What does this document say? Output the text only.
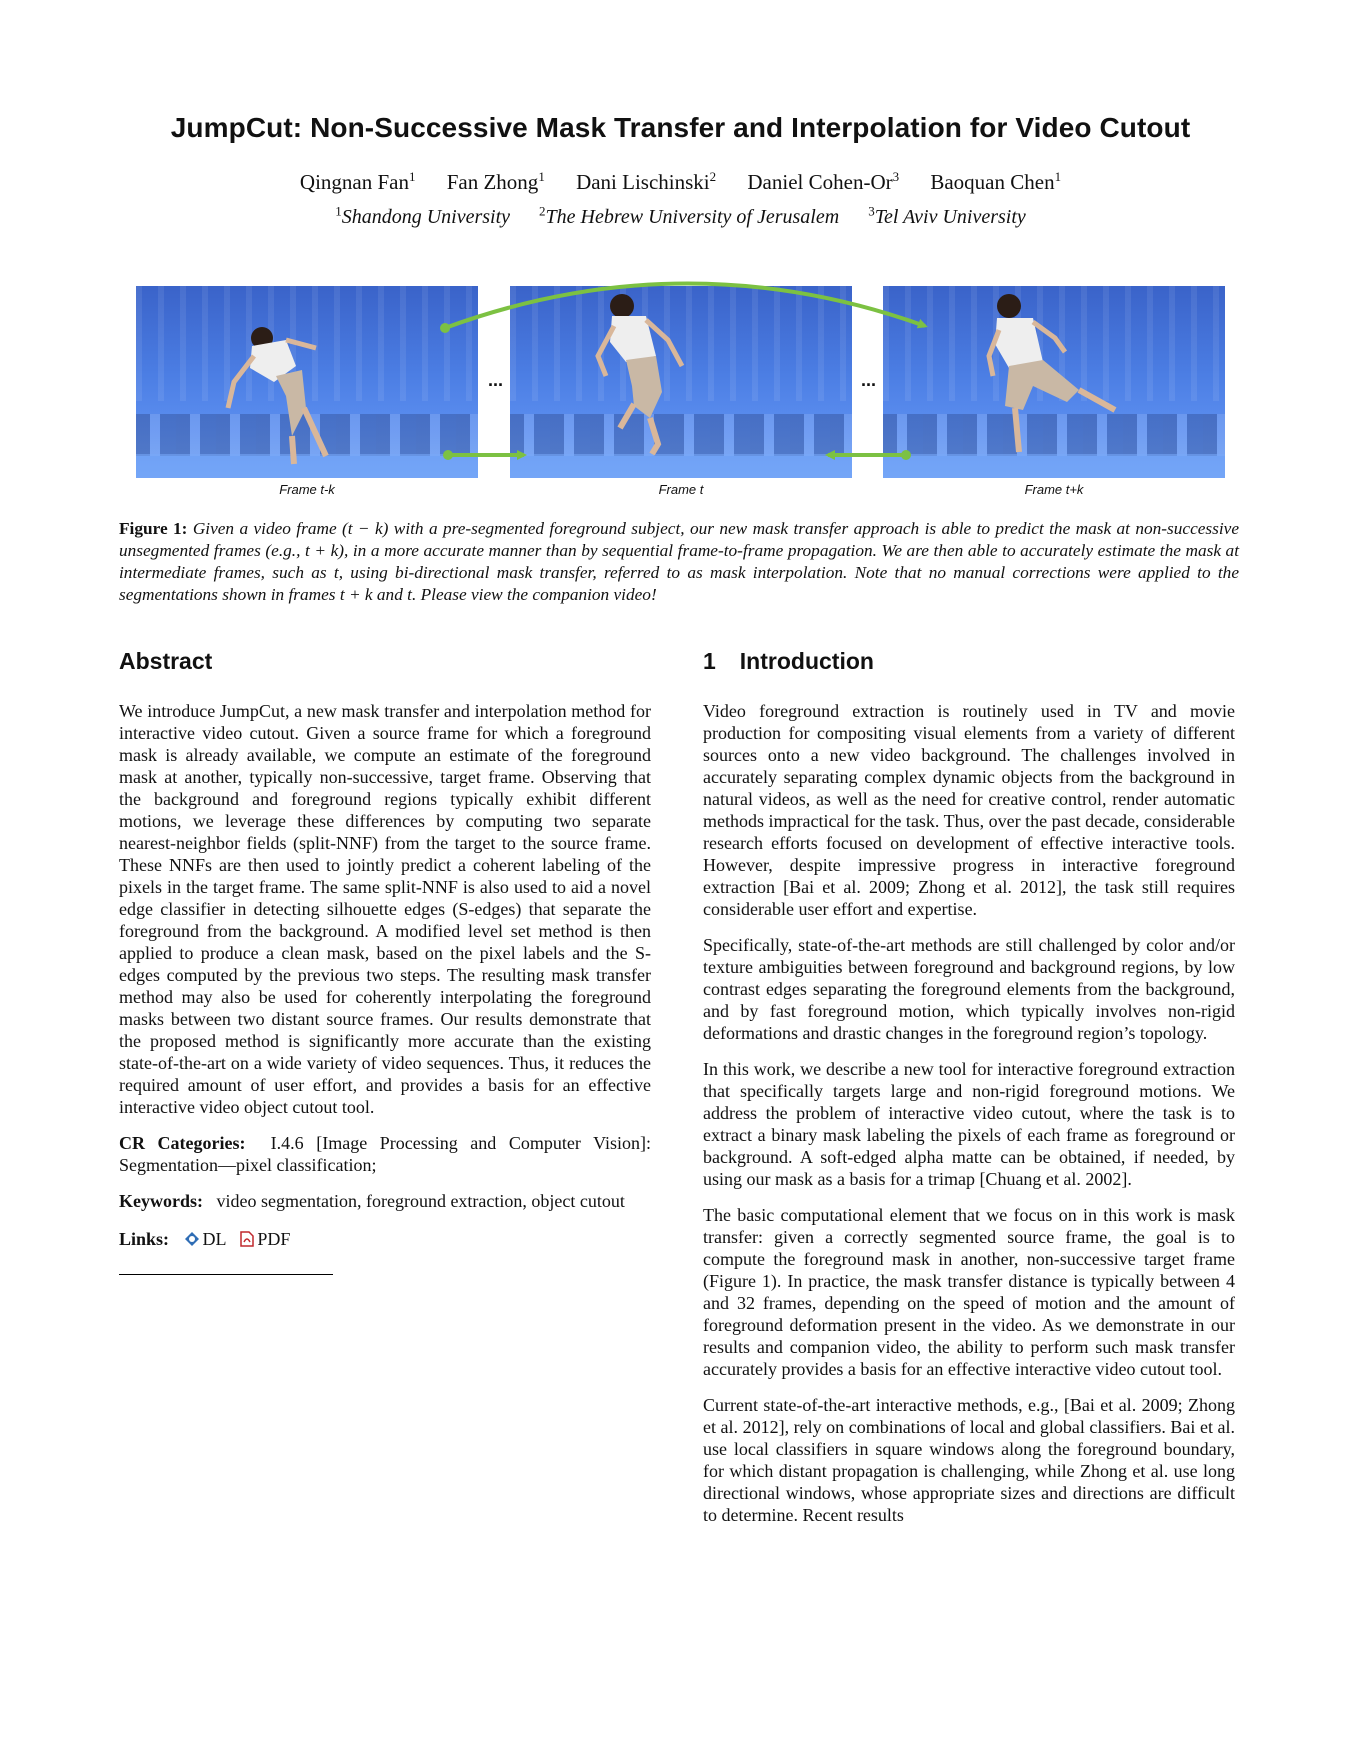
JumpCut: Non-Successive Mask Transfer and Interpolation for Video Cutout
Qingnan Fan$^1$ Fan Zhong$^1$ Dani Lischinski$^2$ Daniel Cohen-Or$^3$ Baoquan Chen$^1$
$^1$Shandong University $^2$The Hebrew University of Jerusalem $^3$Tel Aviv University
...	...
Frame t-k	Frame t	Frame t+k
Figure 1: Given a video frame (t − k) with a pre-segmented foreground subject, our new mask transfer approach is able to predict the mask at non-successive unsegmented frames (e.g., t + k), in a more accurate manner than by sequential frame-to-frame propagation. We are then able to accurately estimate the mask at intermediate frames, such as t, using bi-directional mask transfer, referred to as mask interpolation. Note that no manual corrections were applied to the segmentations shown in frames t + k and t. Please view the companion video!
Abstract

We introduce JumpCut, a new mask transfer and interpolation method for interactive video cutout. Given a source frame for which a foreground mask is already available, we compute an estimate of the foreground mask at another, typically non-successive, target frame. Observing that the background and foreground regions typically exhibit different motions, we leverage these differences by computing two separate nearest-neighbor fields (split-NNF) from the target to the source frame. These NNFs are then used to jointly predict a coherent labeling of the pixels in the target frame. The same split-NNF is also used to aid a novel edge classifier in detecting silhouette edges (S-edges) that separate the foreground from the background. A modified level set method is then applied to produce a clean mask, based on the pixel labels and the S-edges computed by the previous two steps. The resulting mask transfer method may also be used for coherently interpolating the foreground masks between two distant source frames. Our results demonstrate that the proposed method is significantly more accurate than the existing state-of-the-art on a wide variety of video sequences. Thus, it reduces the required amount of user effort, and provides a basis for an effective interactive video object cutout tool.

CR Categories: I.4.6 [Image Processing and Computer Vision]: Segmentation—pixel classification;

Keywords: video segmentation, foreground extraction, object cutout

Links: DL PDF

1 Introduction

Video foreground extraction is routinely used in TV and movie production for compositing visual elements from a variety of different sources onto a new video background. The challenges involved in accurately separating complex dynamic objects from the background in natural videos, as well as the need for creative control, render automatic methods impractical for the task. Thus, over the past decade, considerable research efforts focused on development of effective interactive tools. However, despite impressive progress in interactive foreground extraction [Bai et al. 2009; Zhong et al. 2012], the task still requires considerable user effort and expertise.

Specifically, state-of-the-art methods are still challenged by color and/or texture ambiguities between foreground and background regions, by low contrast edges separating the foreground elements from the background, and by fast foreground motion, which typically involves non-rigid deformations and drastic changes in the foreground region’s topology.

In this work, we describe a new tool for interactive foreground extraction that specifically targets large and non-rigid foreground motions. We address the problem of interactive video cutout, where the task is to extract a binary mask labeling the pixels of each frame as foreground or background. A soft-edged alpha matte can be obtained, if needed, by using our mask as a basis for a trimap [Chuang et al. 2002].

The basic computational element that we focus on in this work is mask transfer: given a correctly segmented source frame, the goal is to compute the foreground mask in another, non-successive target frame (Figure 1). In practice, the mask transfer distance is typically between 4 and 32 frames, depending on the speed of motion and the amount of foreground deformation present in the video. As we demonstrate in our results and companion video, the ability to perform such mask transfer accurately provides a basis for an effective interactive video cutout tool.

Current state-of-the-art interactive methods, e.g., [Bai et al. 2009; Zhong et al. 2012], rely on combinations of local and global classifiers. Bai et al. use local classifiers in square windows along the foreground boundary, for which distant propagation is challenging, while Zhong et al. use long directional windows, whose appropriate sizes and directions are difficult to determine. Recent results
